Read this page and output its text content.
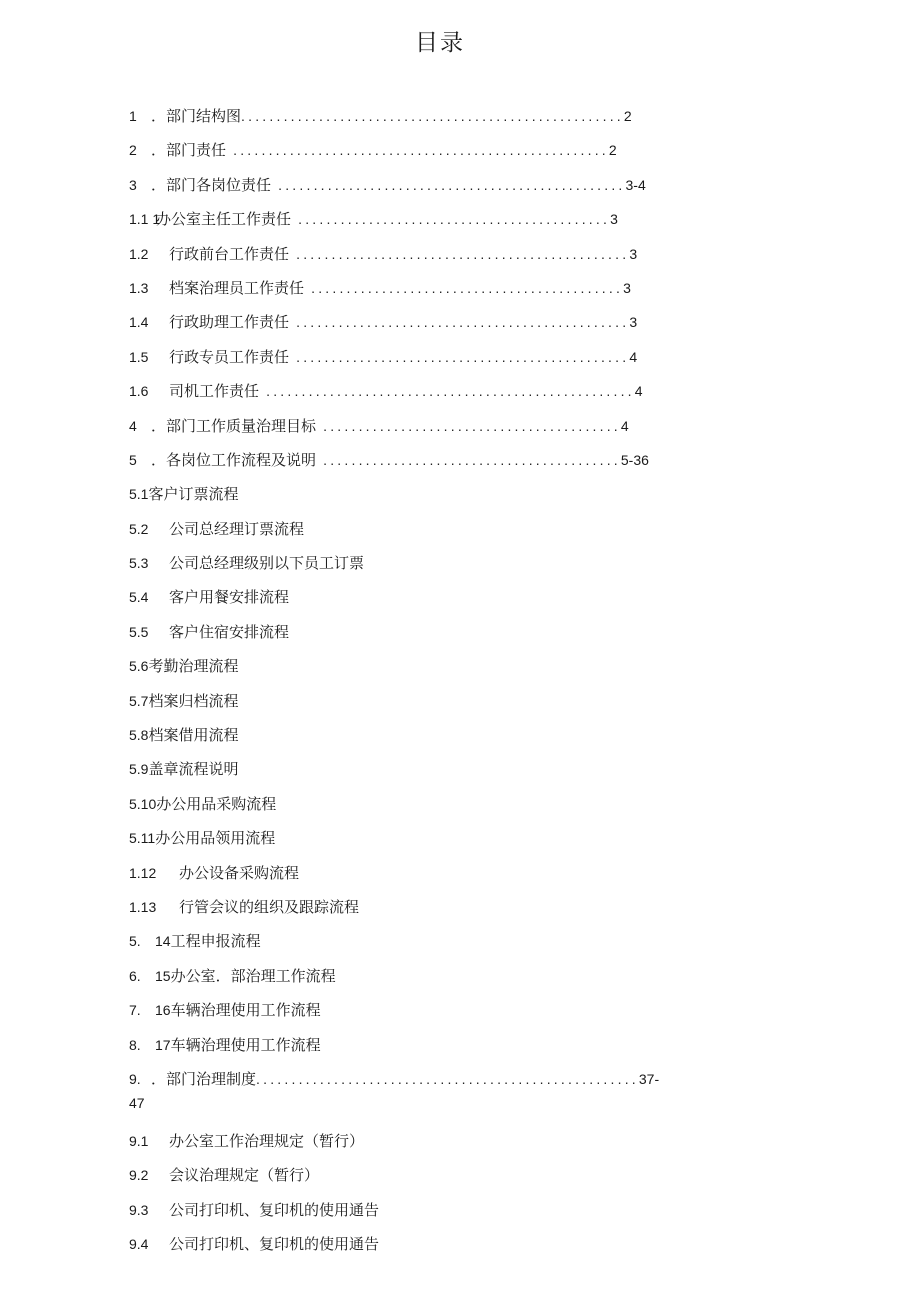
目录
1 ．部门结构图......................................................2
2 ．部门责任 .....................................................2
3 ．部门各岗位责任 .................................................3-4
1.1 1办公室主任工作责任 ............................................3
1.2 行政前台工作责任 ...............................................3
1.3 档案治理员工作责任 ............................................3
1.4 行政助理工作责任 ...............................................3
1.5 行政专员工作责任 ...............................................4
1.6 司机工作责任 ....................................................4
4 ．部门工作质量治理目标 ..........................................4
5 ．各岗位工作流程及说明 ..........................................5-36
5.1客户订票流程
5.2 公司总经理订票流程
5.3 公司总经理级别以下员工订票
5.4 客户用餐安排流程
5.5 客户住宿安排流程
5.6考勤治理流程
5.7档案归档流程
5.8档案借用流程
5.9盖章流程说明
5.10办公用品采购流程
5.11办公用品领用流程
1.12 办公设备采购流程
1.13 行管会议的组织及跟踪流程
5. 14工程申报流程
6. 15办公室．部治理工作流程
7. 16车辆治理使用工作流程
8. 17车辆治理使用工作流程
9. ．部门治理制度......................................................37-
47
9.1 办公室工作治理规定（暂行）
9.2 会议治理规定（暂行）
9.3 公司打印机、复印机的使用通告
9.4 公司打印机、复印机的使用通告
